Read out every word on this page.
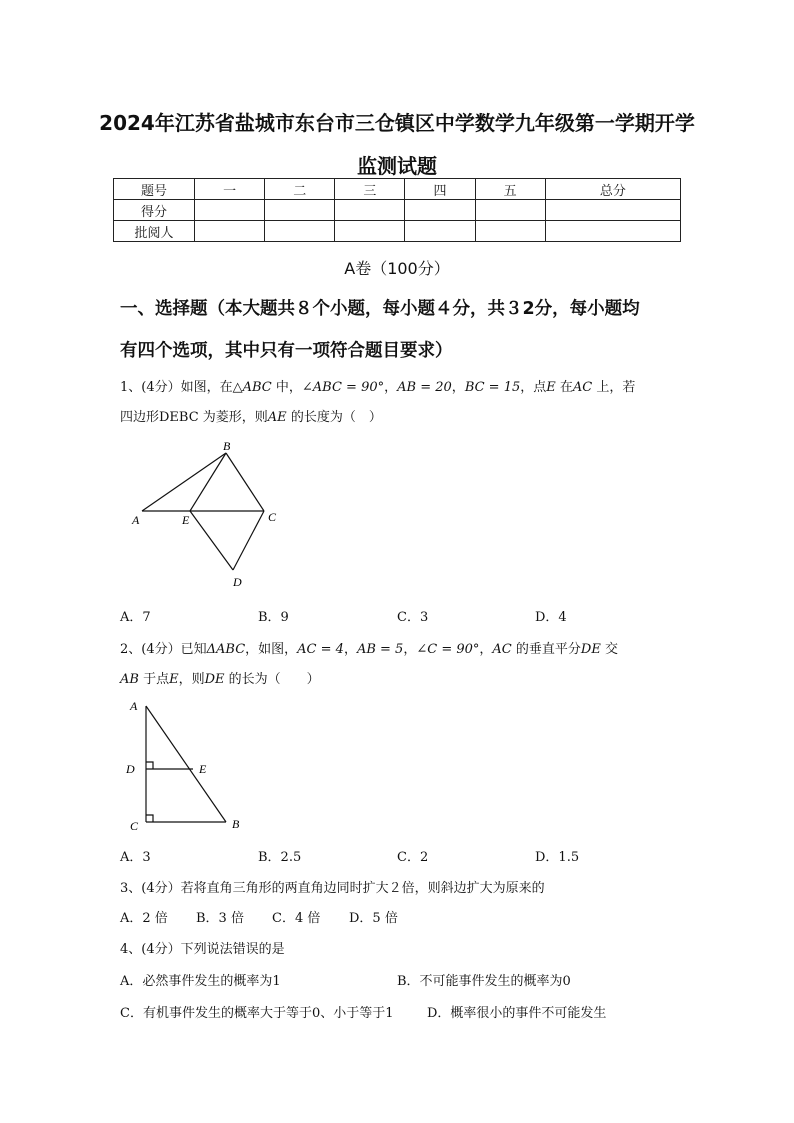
2024年江苏省盐城市东台市三仓镇区中学数学九年级第一学期开学
监测试题
题号	一	二	三	四	五	总分
得分						
批阅人						
A卷（100分）
一、选择题（本大题共８个小题，每小题４分，共３2分，每小题均
有四个选项，其中只有一项符合题目要求）
1、(4分）如图，在△ABC 中，∠ABC = 90°，AB = 20，BC = 15，点E 在AC 上，若
四边形DEBC 为菱形，则AE 的长度为（　）
B
A	E	C
D
A．7	B．9	C．3	D．4
2、(4分）已知ΔABC，如图，AC = 4，AB = 5，∠C = 90°，AC 的垂直平分DE 交
AB 于点E，则DE 的长为（　　）
A
D	E
C	B
A．3	B．2.5	C．2	D．1.5
3、(4分）若将直角三角形的两直角边同时扩大２倍，则斜边扩大为原来的
A．2 倍 B．3 倍 C．4 倍 D．5 倍
4、(4分）下列说法错误的是
A．必然事件发生的概率为1	B．不可能事件发生的概率为0
C．有机事件发生的概率大于等于0、小于等于1	D．概率很小的事件不可能发生
